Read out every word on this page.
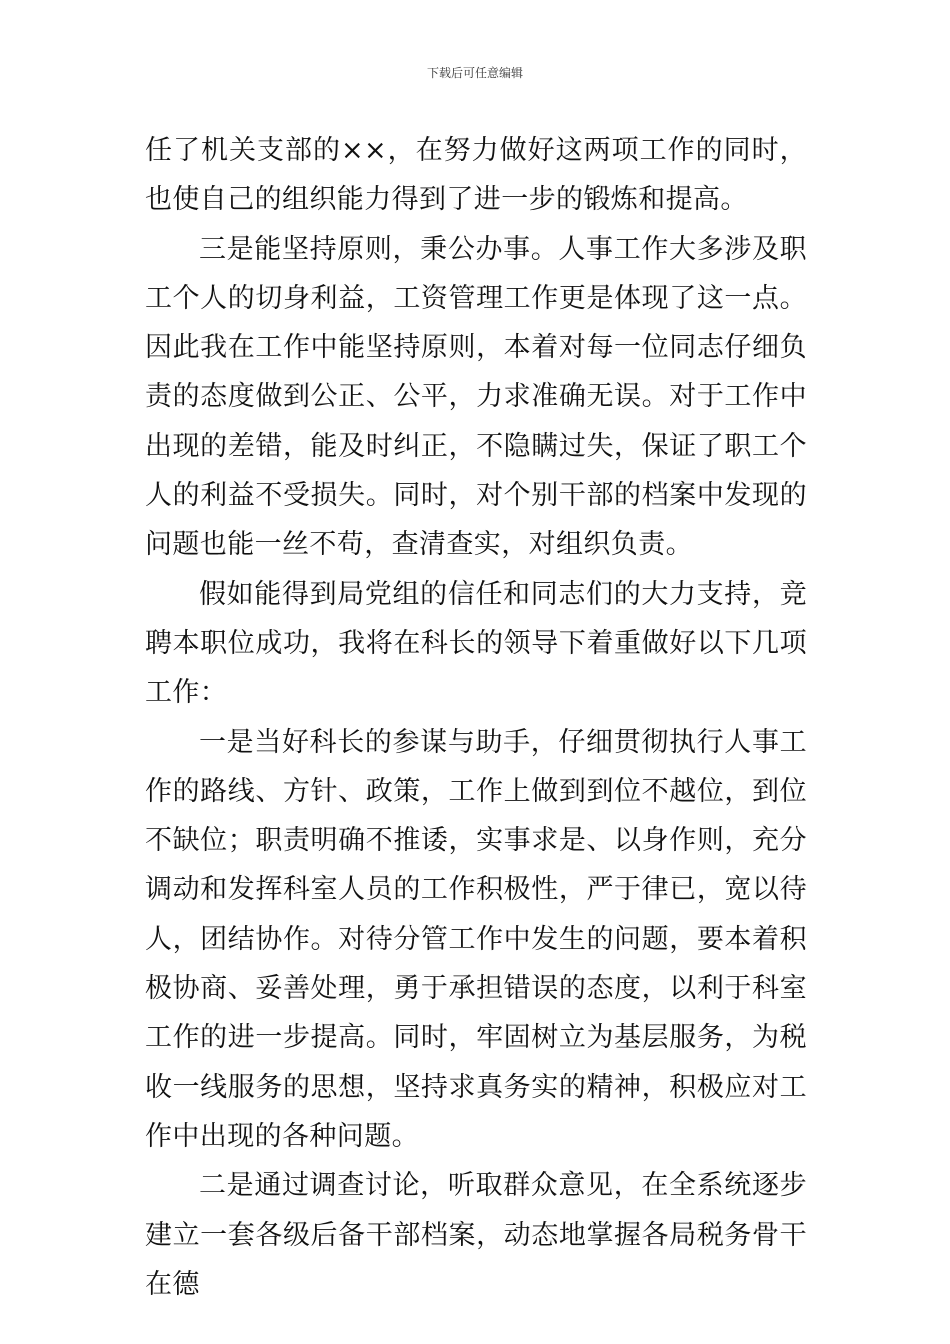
下载后可任意编辑

任了机关支部的××，在努力做好这两项工作的同时，也使自己的组织能力得到了进一步的锻炼和提高。

三是能坚持原则，秉公办事。人事工作大多涉及职工个人的切身利益，工资管理工作更是体现了这一点。因此我在工作中能坚持原则，本着对每一位同志仔细负责的态度做到公正、公平，力求准确无误。对于工作中出现的差错，能及时纠正，不隐瞒过失，保证了职工个人的利益不受损失。同时，对个别干部的档案中发现的问题也能一丝不苟，查清查实，对组织负责。

假如能得到局党组的信任和同志们的大力支持，竞聘本职位成功，我将在科长的领导下着重做好以下几项工作：

一是当好科长的参谋与助手，仔细贯彻执行人事工作的路线、方针、政策，工作上做到到位不越位，到位不缺位；职责明确不推诿，实事求是、以身作则，充分调动和发挥科室人员的工作积极性，严于律已，宽以待人，团结协作。对待分管工作中发生的问题，要本着积极协商、妥善处理，勇于承担错误的态度，以利于科室工作的进一步提高。同时，牢固树立为基层服务，为税收一线服务的思想，坚持求真务实的精神，积极应对工作中出现的各种问题。

二是通过调查讨论，听取群众意见，在全系统逐步建立一套各级后备干部档案，动态地掌握各局税务骨干在德
